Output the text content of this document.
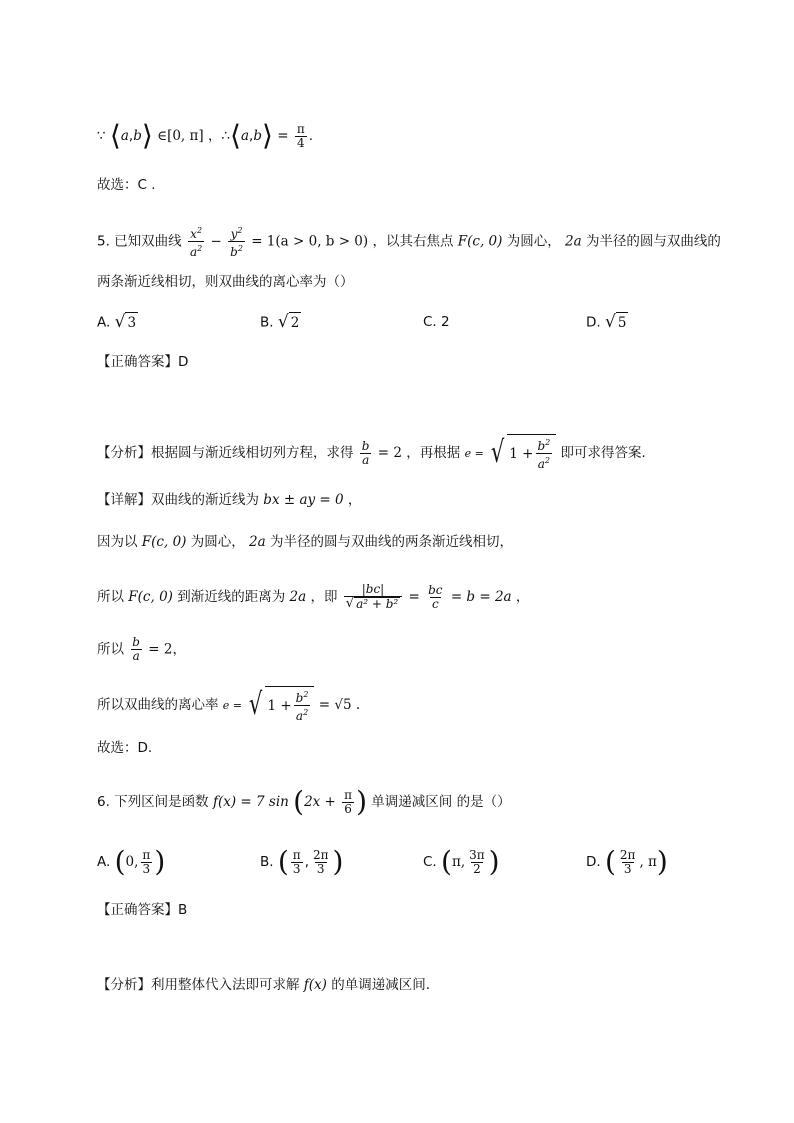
∵ ⟨a,b⟩ ∈[0, π] ，∴⟨a,b⟩ = $\frac{\pi}{4}$ .
故选：C .
5. 已知双曲线 $\frac{x^2}{a^2} - \frac{y^2}{b^2} = 1(a > 0$, b > 0) ，以其右焦点 F(c, 0) 为圆心， 2a 为半径的圆与双曲线的
两条渐近线相切，则双曲线的离心率为（）
A. √ 3	B. √ 2	C. 2	D. √ 5
【正确答案】D
【分析】根据圆与渐近线相切列方程，求得 $\frac{b}{a} = 2$ ，再根据 e = √ $1 + \frac{b^2}{a^2}$ 即可求得答案.
【详解】双曲线的渐近线为 bx ± ay = 0 ，
因为以 F(c, 0) 为圆心， 2a 为半径的圆与双曲线的两条渐近线相切，
所以 F(c, 0) 到渐近线的距离为 2a ，即 $\frac{|bc|}{\text{√ a² + b²}} = \frac{bc}{c} = b = 2a$ ，
所以 $\frac{b}{a} = 2$，
所以双曲线的离心率 e = √ $1 + \frac{b^2}{a^2} = √5$ .
故选：D.
6. 下列区间是函数 f(x) = 7 $\sin (2x + \frac{\pi}{6}$ ) 单调递减区间 的是（）
A. (0, $\frac{\pi}{3}$ )	B. ( $\frac{\pi}{3}$ , $\frac{2\pi}{3}$ )	C. (π, $\frac{3\pi}{2}$ )	D. ( $\frac{2\pi}{3}$ , π)
【正确答案】B
【分析】利用整体代入法即可求解 f(x) 的单调递减区间.
